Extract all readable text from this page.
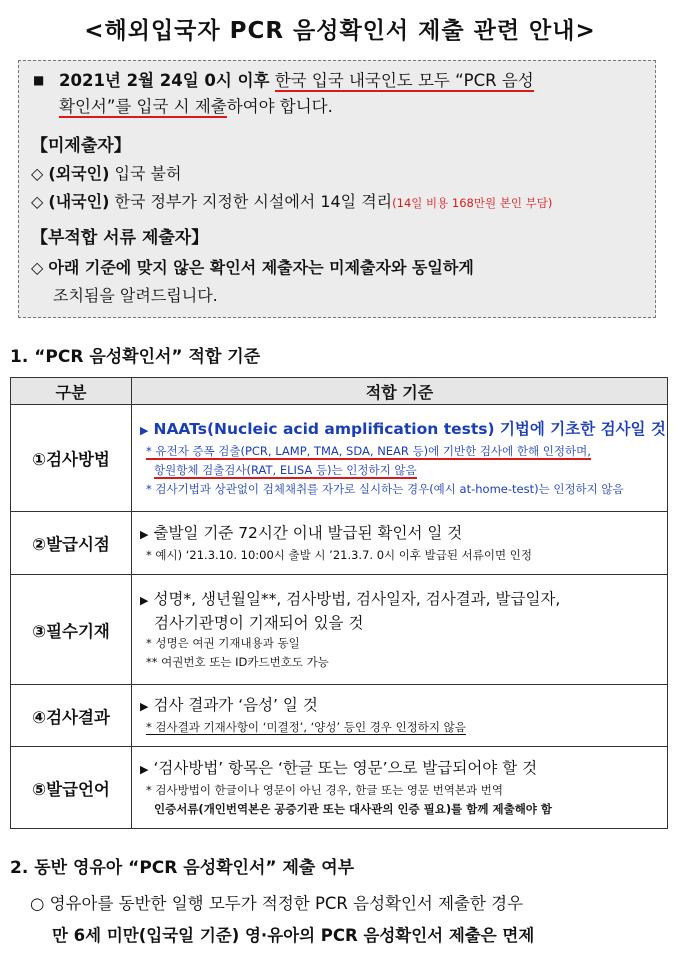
<해외입국자 PCR 음성확인서 제출 관련 안내>
■ 2021년 2월 24일 0시 이후 한국 입국 내국인도 모두 “PCR 음성
확인서”를 입국 시 제출하여야 합니다.
【미제출자】
◇ (외국인) 입국 불허
◇ (내국인) 한국 정부가 지정한 시설에서 14일 격리(14일 비용 168만원 본인 부담)
【부적합 서류 제출자】
◇ 아래 기준에 맞지 않은 확인서 제출자는 미제출자와 동일하게
조치됨을 알려드립니다.
1. “PCR 음성확인서” 적합 기준
구분	적합 기준
①검사방법	▶ NAATs(Nucleic acid amplification tests) 기법에 기초한 검사일 것
* 유전자 증폭 검출(PCR, LAMP, TMA, SDA, NEAR 등)에 기반한 검사에 한해 인정하며,
항원항체 검출검사(RAT, ELISA 등)는 인정하지 않음
* 검사기법과 상관없이 검체채취를 자가로 실시하는 경우(예시 at-home-test)는 인정하지 않음

②발급시점	▶ 출발일 기준 72시간 이내 발급된 확인서 일 것
* 예시) ‘21.3.10. 10:00시 출발 시 ’21.3.7. 0시 이후 발급된 서류이면 인정

③필수기재	▶ 성명*, 생년월일**, 검사방법, 검사일자, 검사결과, 발급일자,
검사기관명이 기재되어 있을 것
* 성명은 여권 기재내용과 동일
** 여권번호 또는 ID카드번호도 가능

④검사결과	▶ 검사 결과가 ‘음성’ 일 것
* 검사결과 기재사항이 ‘미결정’, ‘양성’ 등인 경우 인정하지 않음

⑤발급언어	▶ ‘검사방법’ 항목은 ‘한글 또는 영문’으로 발급되어야 할 것
* 검사방법이 한글이나 영문이 아닌 경우, 한글 또는 영문 번역본과 번역
인증서류(개인번역본은 공증기관 또는 대사관의 인증 필요)를 함께 제출해야 함
2. 동반 영유아 “PCR 음성확인서” 제출 여부
○ 영유아를 동반한 일행 모두가 적정한 PCR 음성확인서 제출한 경우
만 6세 미만(입국일 기준) 영·유아의 PCR 음성확인서 제출은 면제
